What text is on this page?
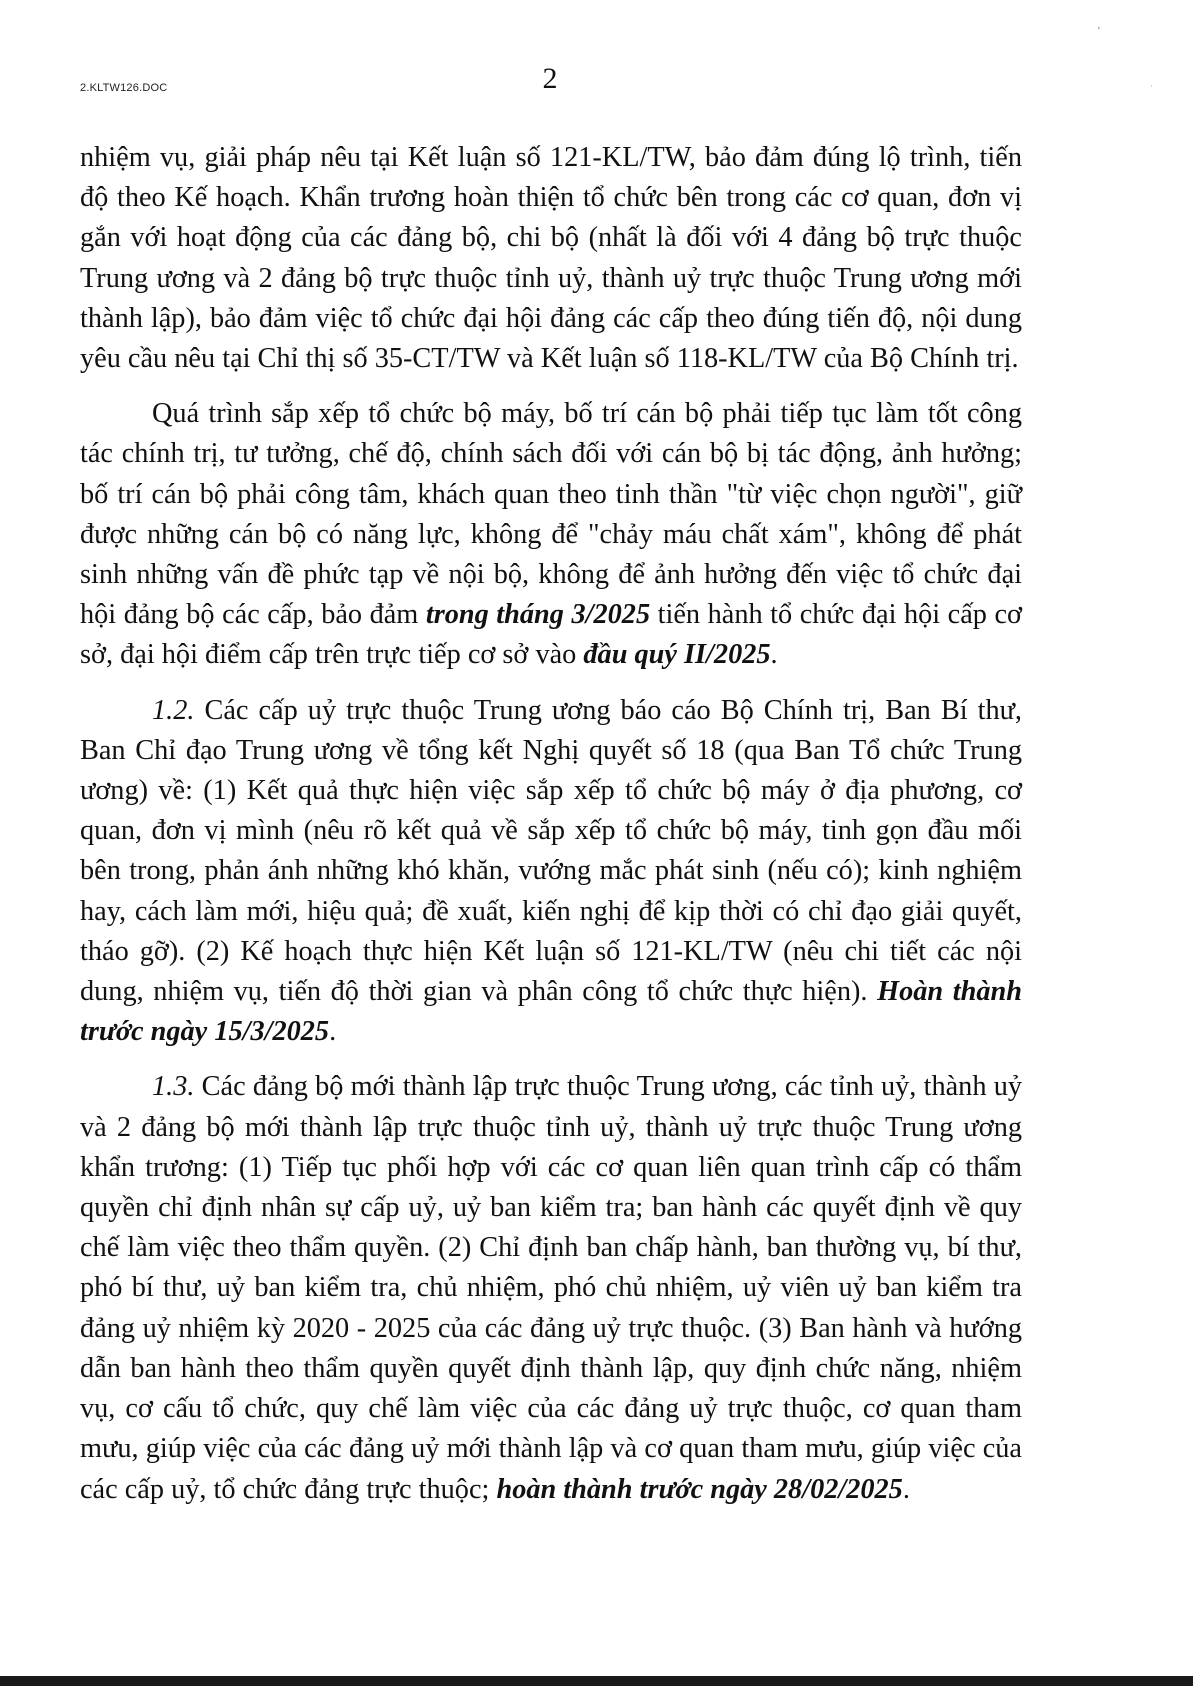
'
·
2.KLTW126.DOC	2

nhiệm vụ, giải pháp nêu tại Kết luận số 121-KL/TW, bảo đảm đúng lộ trình, tiến độ theo Kế hoạch. Khẩn trương hoàn thiện tổ chức bên trong các cơ quan, đơn vị gắn với hoạt động của các đảng bộ, chi bộ (nhất là đối với 4 đảng bộ trực thuộc Trung ương và 2 đảng bộ trực thuộc tỉnh uỷ, thành uỷ trực thuộc Trung ương mới thành lập), bảo đảm việc tổ chức đại hội đảng các cấp theo đúng tiến độ, nội dung yêu cầu nêu tại Chỉ thị số 35-CT/TW và Kết luận số 118-KL/TW của Bộ Chính trị.

Quá trình sắp xếp tổ chức bộ máy, bố trí cán bộ phải tiếp tục làm tốt công tác chính trị, tư tưởng, chế độ, chính sách đối với cán bộ bị tác động, ảnh hưởng; bố trí cán bộ phải công tâm, khách quan theo tinh thần "từ việc chọn người", giữ được những cán bộ có năng lực, không để "chảy máu chất xám", không để phát sinh những vấn đề phức tạp về nội bộ, không để ảnh hưởng đến việc tổ chức đại hội đảng bộ các cấp, bảo đảm trong tháng 3/2025 tiến hành tổ chức đại hội cấp cơ sở, đại hội điểm cấp trên trực tiếp cơ sở vào đầu quý II/2025.

1.2. Các cấp uỷ trực thuộc Trung ương báo cáo Bộ Chính trị, Ban Bí thư, Ban Chỉ đạo Trung ương về tổng kết Nghị quyết số 18 (qua Ban Tổ chức Trung ương) về: (1) Kết quả thực hiện việc sắp xếp tổ chức bộ máy ở địa phương, cơ quan, đơn vị mình (nêu rõ kết quả về sắp xếp tổ chức bộ máy, tinh gọn đầu mối bên trong, phản ánh những khó khăn, vướng mắc phát sinh (nếu có); kinh nghiệm hay, cách làm mới, hiệu quả; đề xuất, kiến nghị để kịp thời có chỉ đạo giải quyết, tháo gỡ). (2) Kế hoạch thực hiện Kết luận số 121-KL/TW (nêu chi tiết các nội dung, nhiệm vụ, tiến độ thời gian và phân công tổ chức thực hiện). Hoàn thành trước ngày 15/3/2025.

1.3. Các đảng bộ mới thành lập trực thuộc Trung ương, các tỉnh uỷ, thành uỷ và 2 đảng bộ mới thành lập trực thuộc tỉnh uỷ, thành uỷ trực thuộc Trung ương khẩn trương: (1) Tiếp tục phối hợp với các cơ quan liên quan trình cấp có thẩm quyền chỉ định nhân sự cấp uỷ, uỷ ban kiểm tra; ban hành các quyết định về quy chế làm việc theo thẩm quyền. (2) Chỉ định ban chấp hành, ban thường vụ, bí thư, phó bí thư, uỷ ban kiểm tra, chủ nhiệm, phó chủ nhiệm, uỷ viên uỷ ban kiểm tra đảng uỷ nhiệm kỳ 2020 - 2025 của các đảng uỷ trực thuộc. (3) Ban hành và hướng dẫn ban hành theo thẩm quyền quyết định thành lập, quy định chức năng, nhiệm vụ, cơ cấu tổ chức, quy chế làm việc của các đảng uỷ trực thuộc, cơ quan tham mưu, giúp việc của các đảng uỷ mới thành lập và cơ quan tham mưu, giúp việc của các cấp uỷ, tổ chức đảng trực thuộc; hoàn thành trước ngày 28/02/2025.
